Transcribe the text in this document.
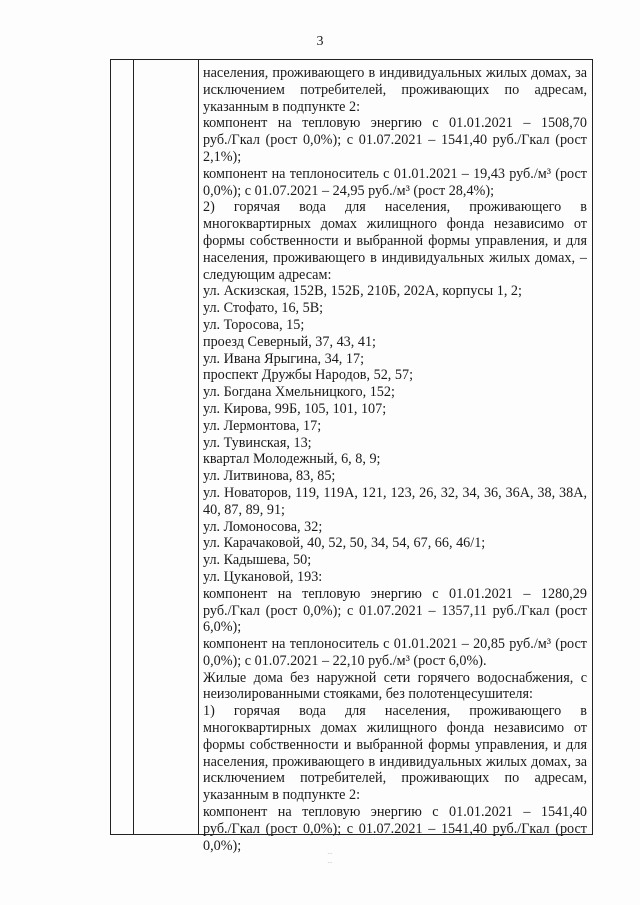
3
населения, проживающего в индивидуальных жилых домах, за
исключением потребителей, проживающих по адресам,
указанным в подпункте 2:
компонент на тепловую энергию с 01.01.2021 – 1508,70
руб./Гкал (рост 0,0%); с 01.07.2021 – 1541,40 руб./Гкал (рост
2,1%);
компонент на теплоноситель с 01.01.2021 – 19,43 руб./м³ (рост
0,0%); с 01.07.2021 – 24,95 руб./м³ (рост 28,4%);
2) горячая вода для населения, проживающего в
многоквартирных домах жилищного фонда независимо от
формы собственности и выбранной формы управления, и для
населения, проживающего в индивидуальных жилых домах, –
следующим адресам:
ул. Аскизская, 152В, 152Б, 210Б, 202А, корпусы 1, 2;
ул. Стофато, 16, 5В;
ул. Торосова, 15;
проезд Северный, 37, 43, 41;
ул. Ивана Ярыгина, 34, 17;
проспект Дружбы Народов, 52, 57;
ул. Богдана Хмельницкого, 152;
ул. Кирова, 99Б, 105, 101, 107;
ул. Лермонтова, 17;
ул. Тувинская, 13;
квартал Молодежный, 6, 8, 9;
ул. Литвинова, 83, 85;
ул. Новаторов, 119, 119А, 121, 123, 26, 32, 34, 36, 36А, 38, 38А,
40, 87, 89, 91;
ул. Ломоносова, 32;
ул. Карачаковой, 40, 52, 50, 34, 54, 67, 66, 46/1;
ул. Кадышева, 50;
ул. Цукановой, 193:
компонент на тепловую энергию с 01.01.2021 – 1280,29
руб./Гкал (рост 0,0%); с 01.07.2021 – 1357,11 руб./Гкал (рост
6,0%);
компонент на теплоноситель с 01.01.2021 – 20,85 руб./м³ (рост
0,0%); с 01.07.2021 – 22,10 руб./м³ (рост 6,0%).
Жилые дома без наружной сети горячего водоснабжения, с
неизолированными стояками, без полотенцесушителя:
1) горячая вода для населения, проживающего в
многоквартирных домах жилищного фонда независимо от
формы собственности и выбранной формы управления, и для
населения, проживающего в индивидуальных жилых домах, за
исключением потребителей, проживающих по адресам,
указанным в подпункте 2:
компонент на тепловую энергию с 01.01.2021 – 1541,40
руб./Гкал (рост 0,0%); с 01.07.2021 – 1541,40 руб./Гкал (рост
0,0%);	...
...
